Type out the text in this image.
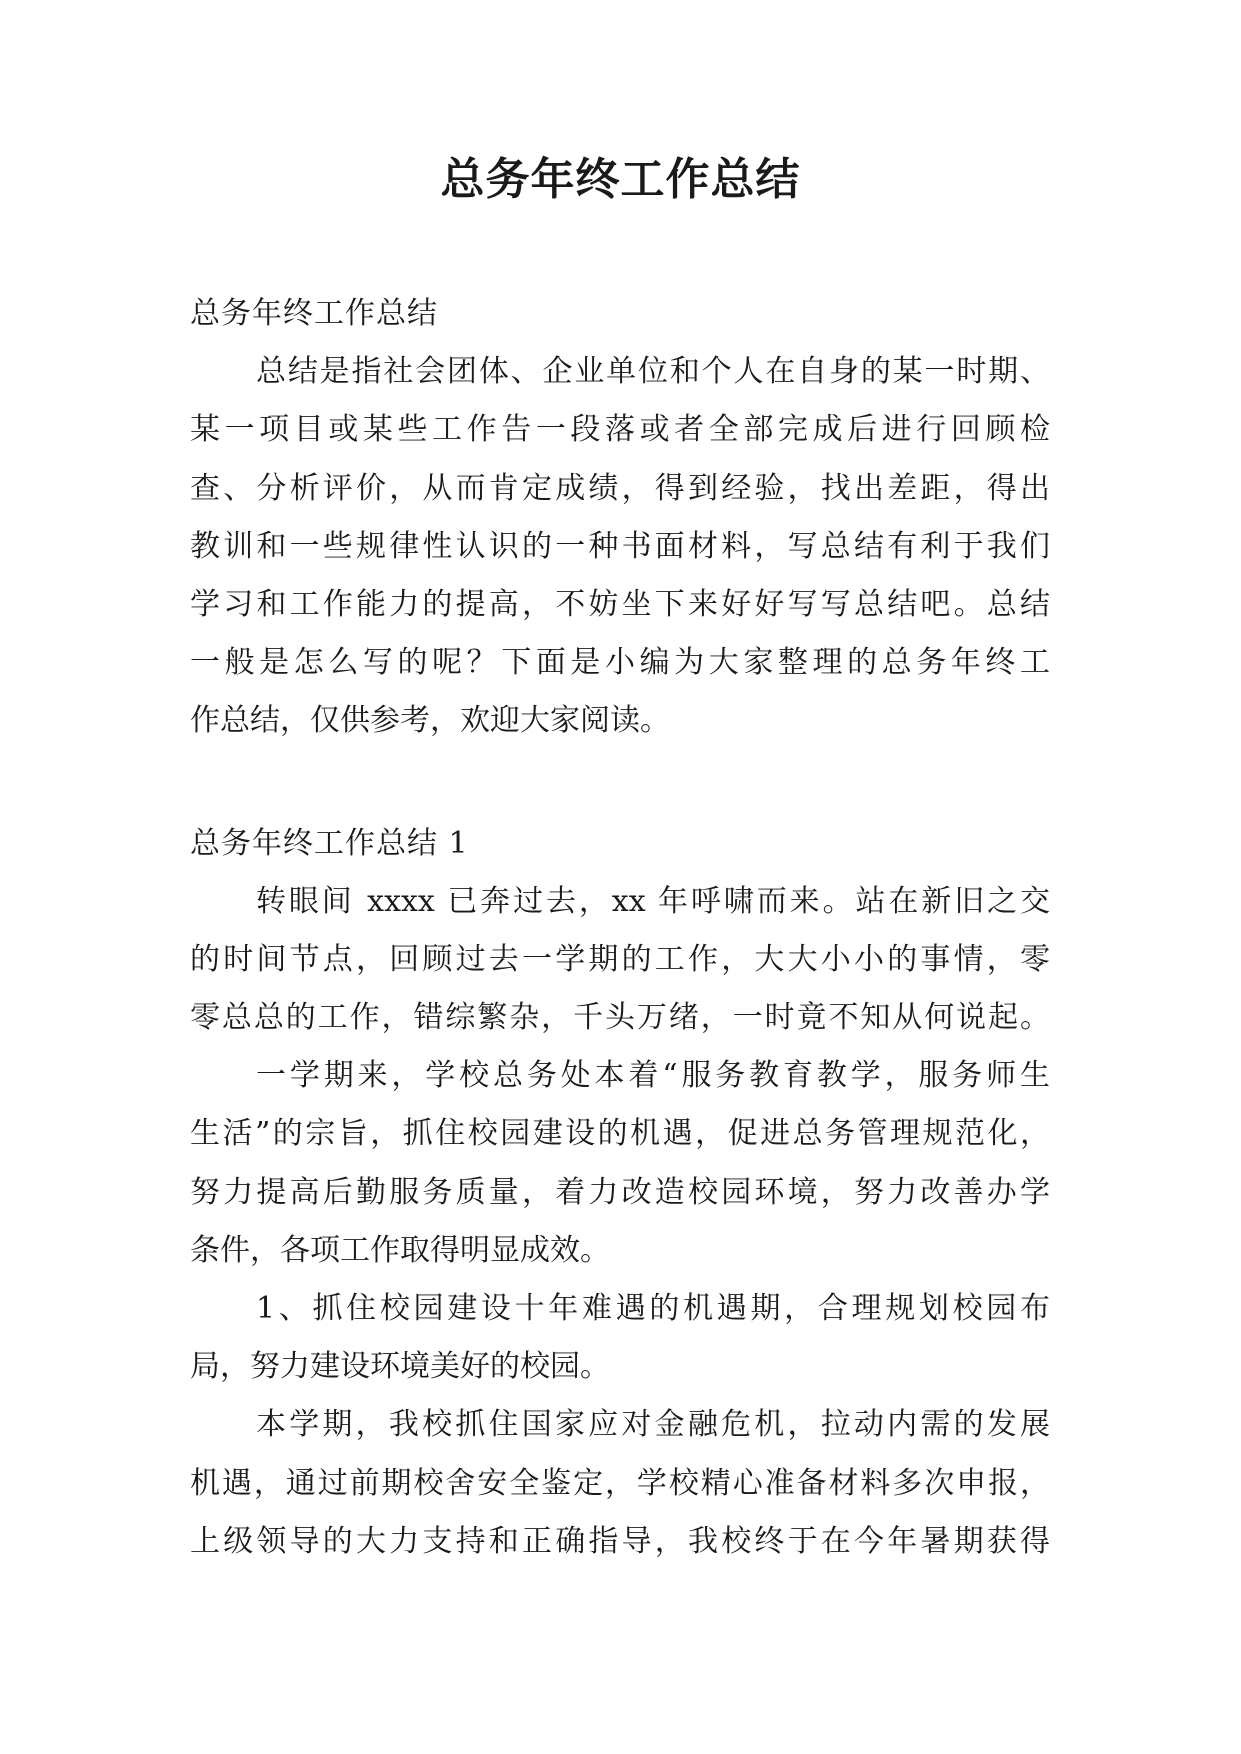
总务年终工作总结

总务年终工作总结

总结是指社会团体、企业单位和个人在自身的某一时期、

某一项目或某些工作告一段落或者全部完成后进行回顾检

查、分析评价，从而肯定成绩，得到经验，找出差距，得出

教训和一些规律性认识的一种书面材料，写总结有利于我们

学习和工作能力的提高，不妨坐下来好好写写总结吧。总结

一般是怎么写的呢？下面是小编为大家整理的总务年终工

作总结，仅供参考，欢迎大家阅读。

总务年终工作总结 1

转眼间 xxxx 已奔过去，xx 年呼啸而来。站在新旧之交

的时间节点，回顾过去一学期的工作，大大小小的事情，零

零总总的工作，错综繁杂，千头万绪，一时竟不知从何说起。

一学期来，学校总务处本着“服务教育教学，服务师生

生活”的宗旨，抓住校园建设的机遇，促进总务管理规范化，

努力提高后勤服务质量，着力改造校园环境，努力改善办学

条件，各项工作取得明显成效。

1、抓住校园建设十年难遇的机遇期，合理规划校园布

局，努力建设环境美好的校园。

本学期，我校抓住国家应对金融危机，拉动内需的发展

机遇，通过前期校舍安全鉴定，学校精心准备材料多次申报，

上级领导的大力支持和正确指导，我校终于在今年暑期获得
